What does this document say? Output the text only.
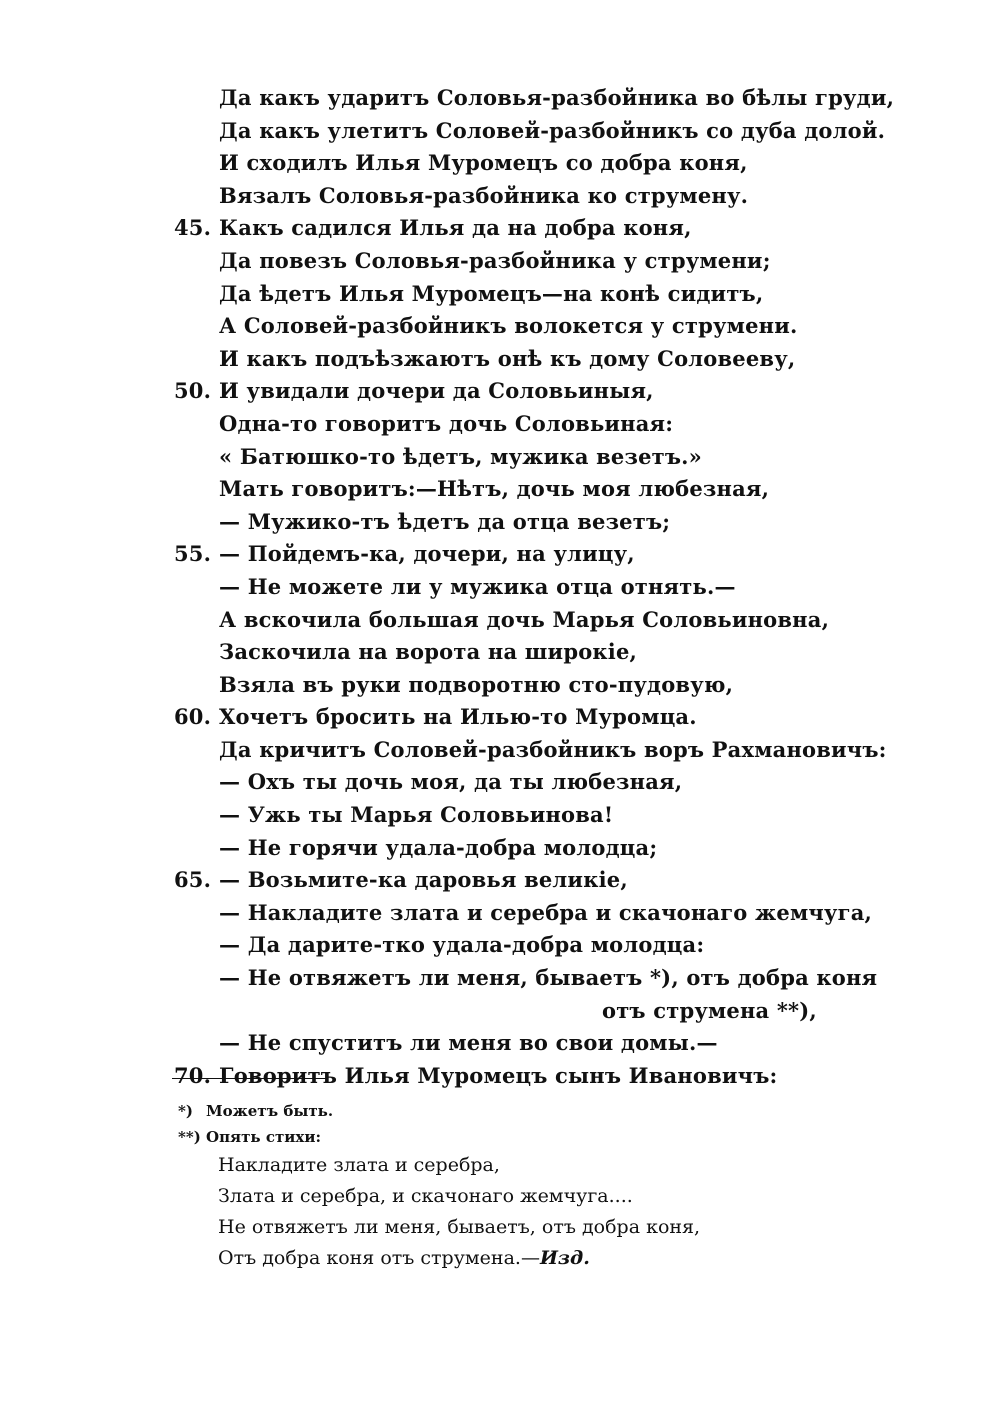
Да какъ ударитъ Соловья-разбойника во бѣлы груди,
Да какъ улетитъ Соловей-разбойникъ со дуба долой.
И сходилъ Илья Муромецъ со добра коня,
Вязалъ Соловья-разбойника ко струмену.
45. Какъ садился Илья да на добра коня,
Да повезъ Соловья-разбойника у струмени;
Да ѣдетъ Илья Муромецъ—на конѣ сидитъ,
А Соловей-разбойникъ волокется у струмени.
И какъ подъѣзжаютъ онѣ къ дому Соловееву,
50. И увидали дочери да Соловьиныя,
Одна-то говоритъ дочь Соловьиная:
« Батюшко-то ѣдетъ, мужика везетъ.»
Мать говоритъ:—Нѣтъ, дочь моя любезная,
— Мужико-тъ ѣдетъ да отца везетъ;
55. — Пойдемъ-ка, дочери, на улицу,
— Не можете ли у мужика отца отнять.—
А вскочила большая дочь Марья Соловьиновна,
Заскочила на ворота на широкіе,
Взяла въ руки подворотню сто-пудовую,
60. Хочетъ бросить на Илью-то Муромца.
Да кричитъ Соловей-разбойникъ воръ Рахмановичъ:
— Охъ ты дочь моя, да ты любезная,
— Ужь ты Марья Соловьинова!
— Не горячи удала-добра молодца;
65. — Возьмите-ка даровья великіе,
— Накладите злата и серебра и скачонаго жемчуга,
— Да дарите-тко удала-добра молодца:
— Не отвяжетъ ли меня, бываетъ *), отъ добра коня
отъ струмена **),
— Не спуститъ ли меня во свои домы.—
70. Говоритъ Илья Муромецъ сынъ Ивановичъ:
*) Можетъ быть.
**) Опять стихи:
Накладите злата и серебра,
Злата и серебра, и скачонаго жемчуга....
Не отвяжетъ ли меня, бываетъ, отъ добра коня,
Отъ добра коня отъ струмена.—Изд.
